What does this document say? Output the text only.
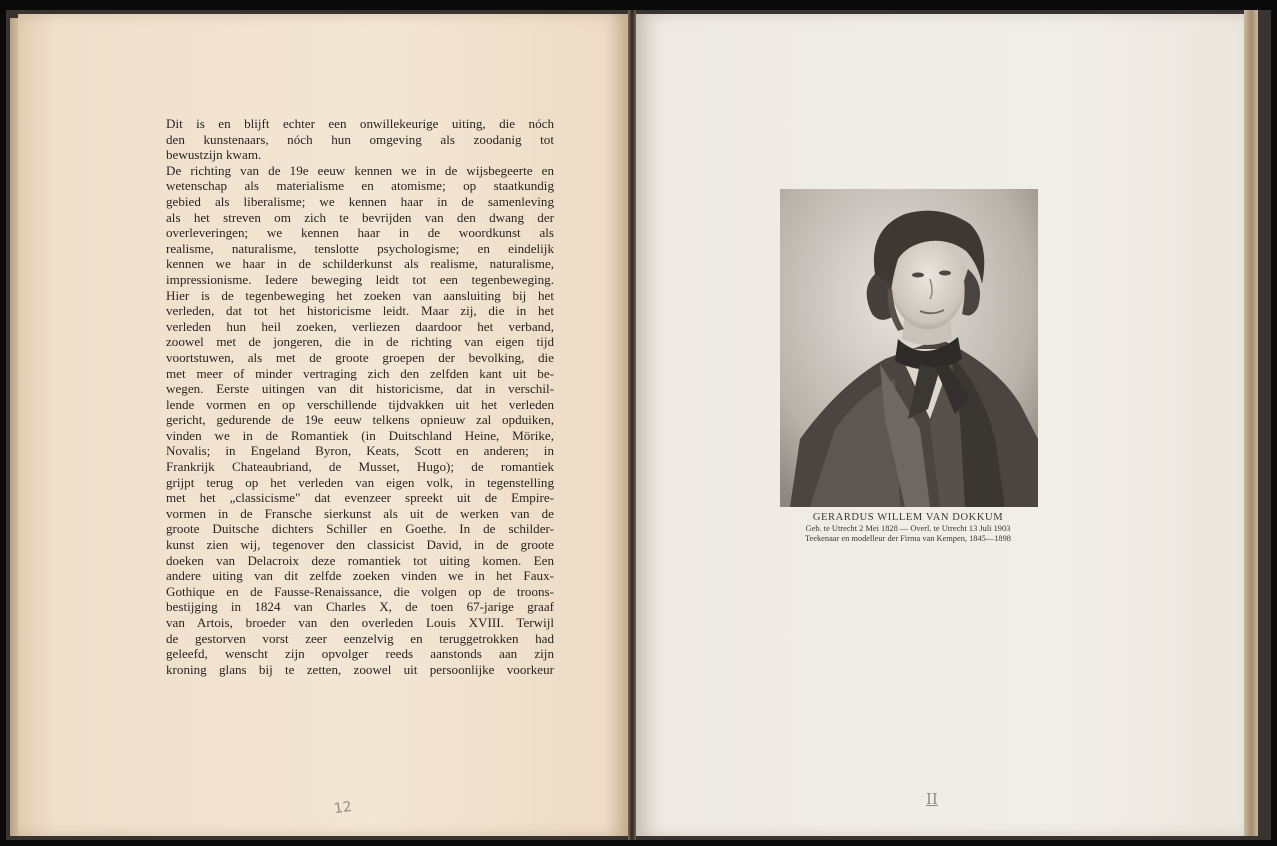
Dit is en blijft echter een onwillekeurige uiting, die nóch
den kunstenaars, nóch hun omgeving als zoodanig tot
bewustzijn kwam.
De richting van de 19e eeuw kennen we in de wijsbegeerte en
wetenschap als materialisme en atomisme; op staatkundig
gebied als liberalisme; we kennen haar in de samenleving
als het streven om zich te bevrijden van den dwang der
overleveringen; we kennen haar in de woordkunst als
realisme, naturalisme, tenslotte psychologisme; en eindelijk
kennen we haar in de schilderkunst als realisme, naturalisme,
impressionisme. Iedere beweging leidt tot een tegenbeweging.
Hier is de tegenbeweging het zoeken van aansluiting bij het
verleden, dat tot het historicisme leidt. Maar zij, die in het
verleden hun heil zoeken, verliezen daardoor het verband,
zoowel met de jongeren, die in de richting van eigen tijd
voortstuwen, als met de groote groepen der bevolking, die
met meer of minder vertraging zich den zelfden kant uit be-
wegen. Eerste uitingen van dit historicisme, dat in verschil-
lende vormen en op verschillende tijdvakken uit het verleden
gericht, gedurende de 19e eeuw telkens opnieuw zal opduiken,
vinden we in de Romantiek (in Duitschland Heine, Mörike,
Novalis; in Engeland Byron, Keats, Scott en anderen; in
Frankrijk Chateaubriand, de Musset, Hugo); de romantiek
grijpt terug op het verleden van eigen volk, in tegenstelling
met het „classicisme" dat evenzeer spreekt uit de Empire-
vormen in de Fransche sierkunst als uit de werken van de
groote Duitsche dichters Schiller en Goethe. In de schilder-
kunst zien wij, tegenover den classicist David, in de groote
doeken van Delacroix deze romantiek tot uiting komen. Een
andere uiting van dit zelfde zoeken vinden we in het Faux-
Gothique en de Fausse-Renaissance, die volgen op de troons-
bestijging in 1824 van Charles X, de toen 67-jarige graaf
van Artois, broeder van den overleden Louis XVIII. Terwijl
de gestorven vorst zeer eenzelvig en teruggetrokken had
geleefd, wenscht zijn opvolger reeds aanstonds aan zijn
kroning glans bij te zetten, zoowel uit persoonlijke voorkeur
12
GERARDUS WILLEM VAN DOKKUM
Geb. te Utrecht 2 Mei 1828 — Overl. te Utrecht 13 Juli 1903
Teekenaar en modelleur der Firma van Kempen, 1845—1898
II
